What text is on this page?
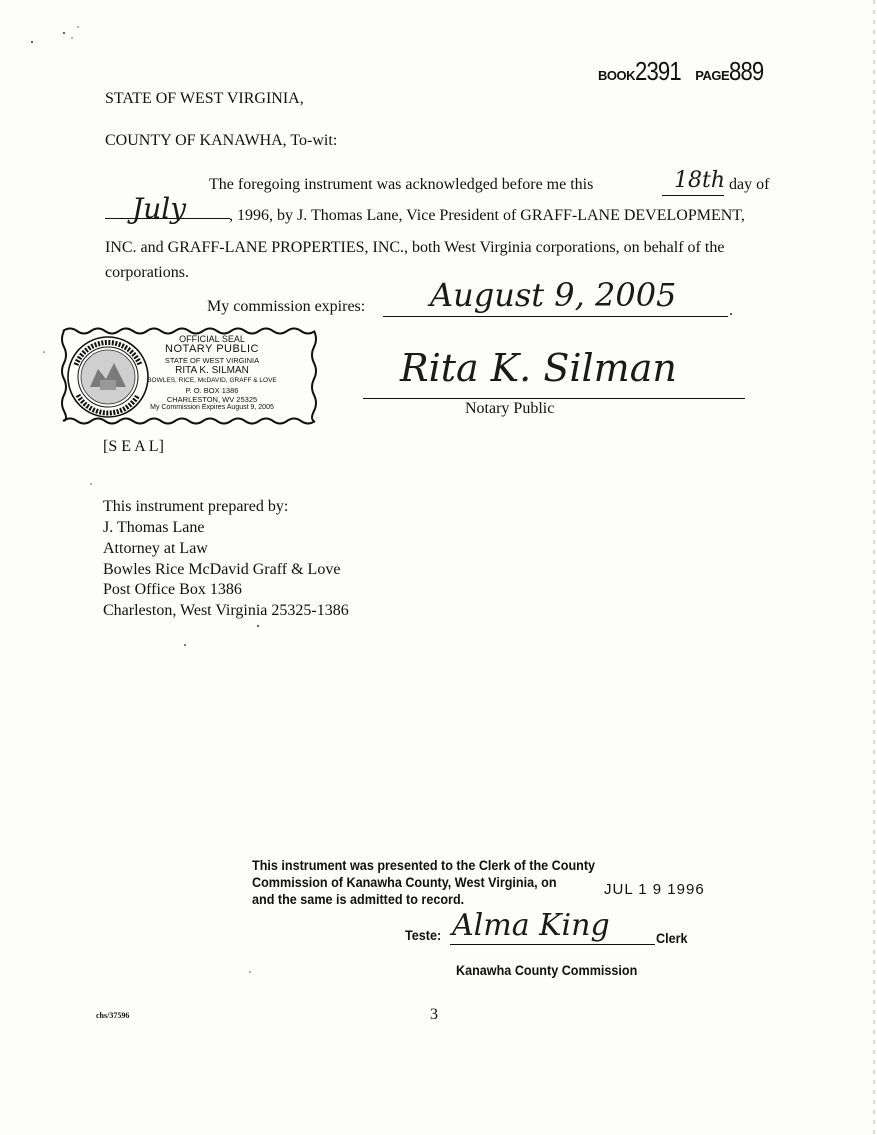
BOOK2391 PAGE889
STATE OF WEST VIRGINIA,
COUNTY OF KANAWHA, To-wit:
The foregoing instrument was acknowledged before me this	18th day of
July	, 1996, by J. Thomas Lane, Vice President of GRAFF-LANE DEVELOPMENT,
INC. and GRAFF-LANE PROPERTIES, INC., both West Virginia corporations, on behalf of the
corporations.
My commission expires: August 9, 2005	.
OFFICIAL SEAL
NOTARY PUBLIC
STATE OF WEST VIRGINIA
RITA K. SILMAN
BOWLES, RICE, McDAVID, GRAFF & LOVE
P. O. BOX 1386
CHARLESTON, WV 25325
My Commission Expires August 9, 2005
Rita K. Silman
Notary Public
[S E A L]
This instrument prepared by:
J. Thomas Lane
Attorney at Law
Bowles Rice McDavid Graff & Love
Post Office Box 1386
Charleston, West Virginia 25325-1386
This instrument was presented to the Clerk of the County
Commission of Kanawha County, West Virginia, on	JUL 1 9 1996
and the same is admitted to record.
Teste: Alma King	Clerk
Kanawha County Commission
chs/37596	3
